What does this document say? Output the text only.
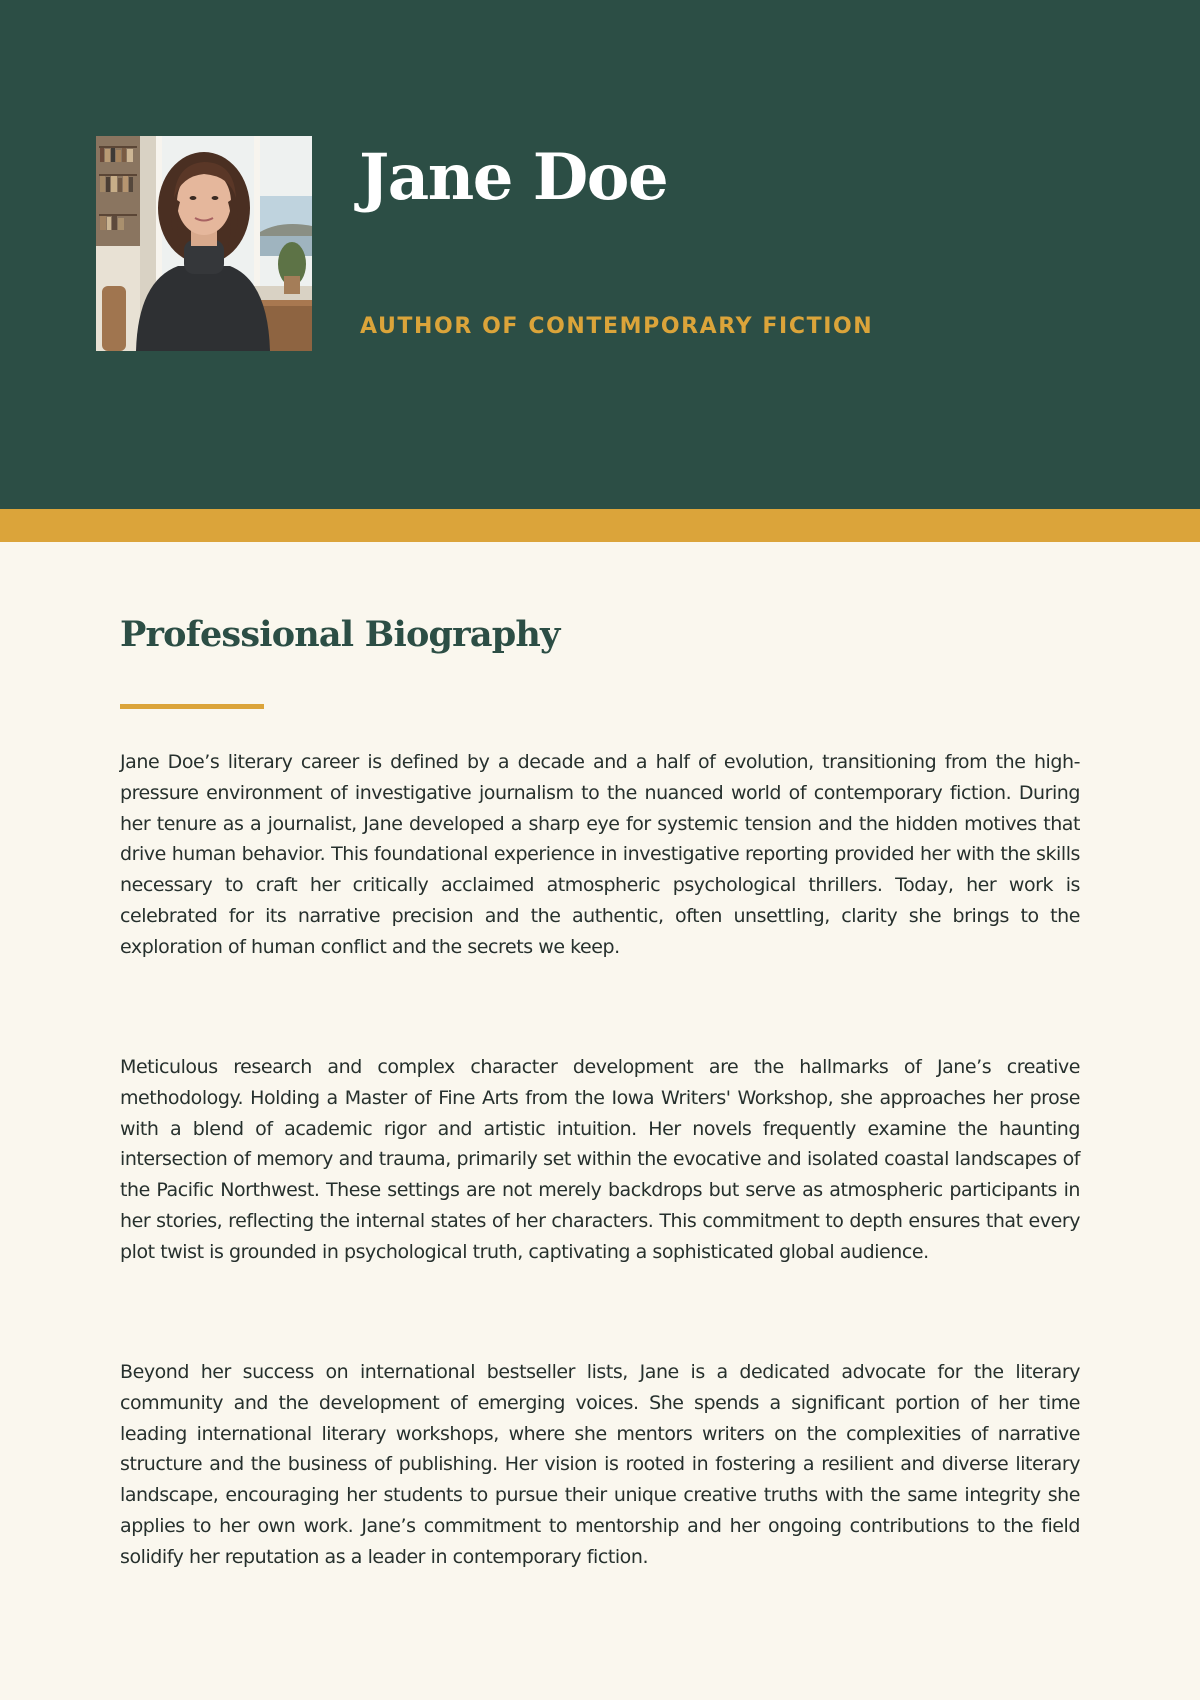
Jane Doe

AUTHOR OF CONTEMPORARY FICTION

Professional Biography

Jane Doe’s literary career is defined by a decade and a half of evolution, transitioning from the high-pressure environment of investigative journalism to the nuanced world of contemporary fiction. During her tenure as a journalist, Jane developed a sharp eye for systemic tension and the hidden motives that drive human behavior. This foundational experience in investigative reporting provided her with the skills necessary to craft her critically acclaimed atmospheric psychological thrillers. Today, her work is celebrated for its narrative precision and the authentic, often unsettling, clarity she brings to the exploration of human conflict and the secrets we keep.

Meticulous research and complex character development are the hallmarks of Jane’s creative methodology. Holding a Master of Fine Arts from the Iowa Writers' Workshop, she approaches her prose with a blend of academic rigor and artistic intuition. Her novels frequently examine the haunting intersection of memory and trauma, primarily set within the evocative and isolated coastal landscapes of the Pacific Northwest. These settings are not merely backdrops but serve as atmospheric participants in her stories, reflecting the internal states of her characters. This commitment to depth ensures that every plot twist is grounded in psychological truth, captivating a sophisticated global audience.

Beyond her success on international bestseller lists, Jane is a dedicated advocate for the literary community and the development of emerging voices. She spends a significant portion of her time leading international literary workshops, where she mentors writers on the complexities of narrative structure and the business of publishing. Her vision is rooted in fostering a resilient and diverse literary landscape, encouraging her students to pursue their unique creative truths with the same integrity she applies to her own work. Jane’s commitment to mentorship and her ongoing contributions to the field solidify her reputation as a leader in contemporary fiction.
